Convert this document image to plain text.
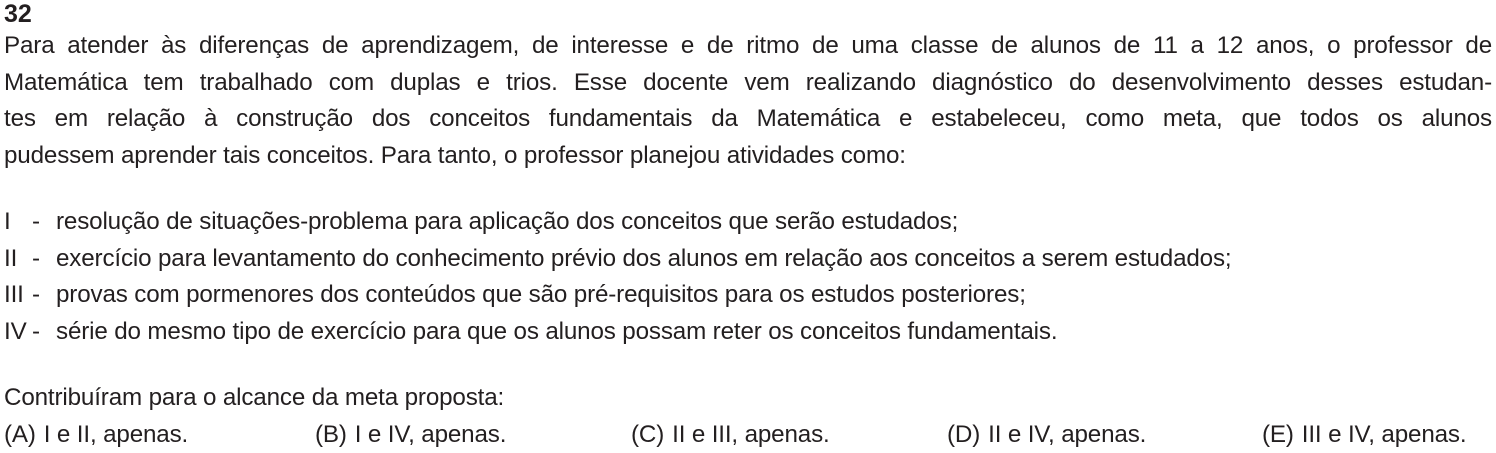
32
Para atender às diferenças de aprendizagem, de interesse e de ritmo de uma classe de alunos de 11 a 12 anos, o professor de
Matemática tem trabalhado com duplas e trios. Esse docente vem realizando diagnóstico do desenvolvimento desses estudan-
tes em relação à construção dos conceitos fundamentais da Matemática e estabeleceu, como meta, que todos os alunos
pudessem aprender tais conceitos. Para tanto, o professor planejou atividades como:
I - resolução de situações-problema para aplicação dos conceitos que serão estudados;
II - exercício para levantamento do conhecimento prévio dos alunos em relação aos conceitos a serem estudados;
III - provas com pormenores dos conteúdos que são pré-requisitos para os estudos posteriores;
IV - série do mesmo tipo de exercício para que os alunos possam reter os conceitos fundamentais.
Contribuíram para o alcance da meta proposta:
(A) I e II, apenas.	(B) I e IV, apenas.	(C) II e III, apenas.	(D) II e IV, apenas.	(E) III e IV, apenas.
